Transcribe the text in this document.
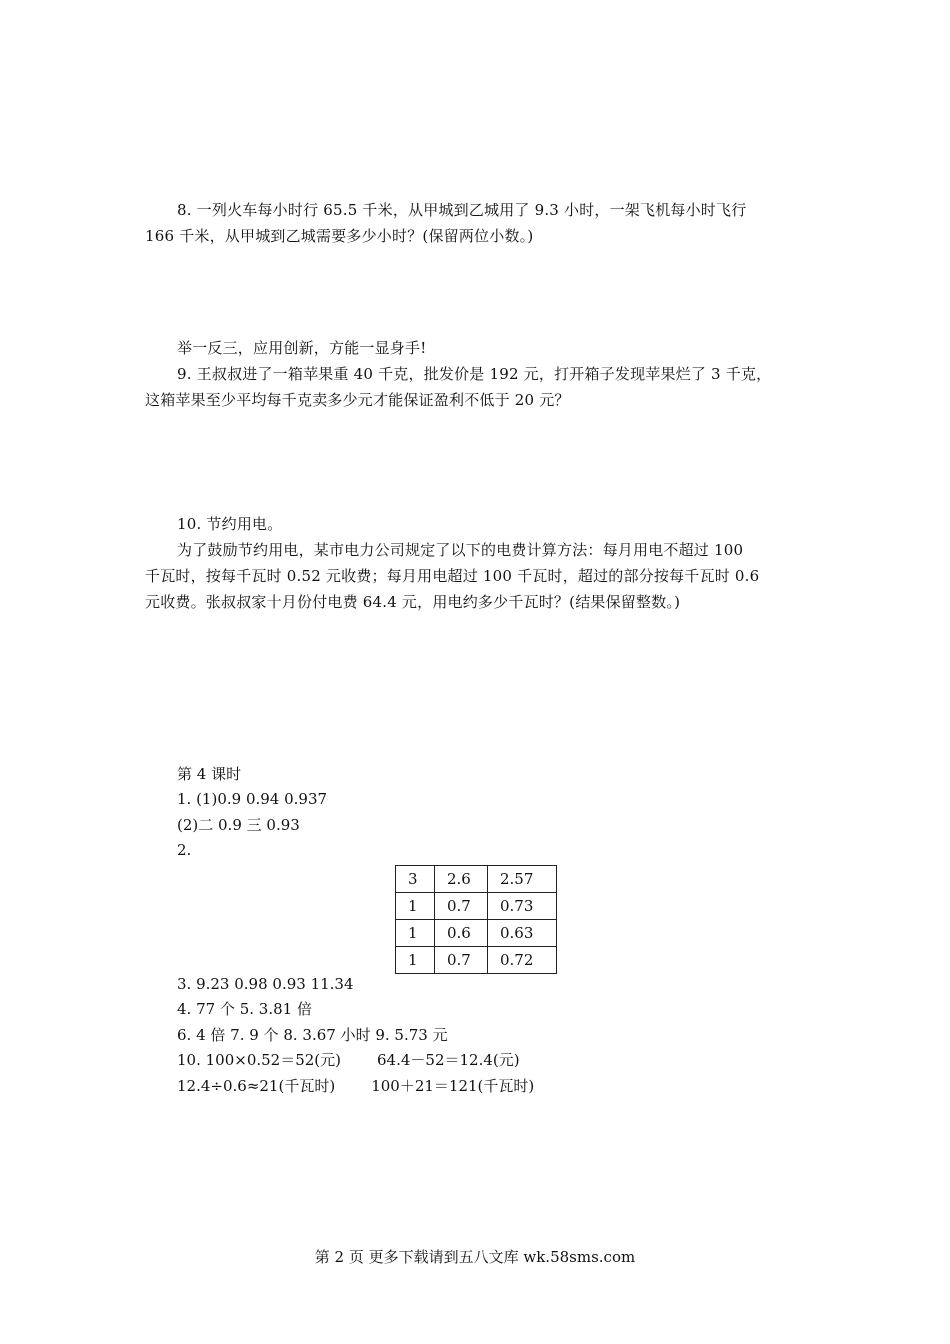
8. 一列火车每小时行 65.5 千米，从甲城到乙城用了 9.3 小时，一架飞机每小时飞行
166 千米，从甲城到乙城需要多少小时？(保留两位小数。)
举一反三，应用创新，方能一显身手!
9. 王叔叔进了一箱苹果重 40 千克，批发价是 192 元，打开箱子发现苹果烂了 3 千克，
这箱苹果至少平均每千克卖多少元才能保证盈利不低于 20 元？
10. 节约用电。
为了鼓励节约用电，某市电力公司规定了以下的电费计算方法：每月用电不超过 100
千瓦时，按每千瓦时 0.52 元收费；每月用电超过 100 千瓦时，超过的部分按每千瓦时 0.6
元收费。张叔叔家十月份付电费 64.4 元，用电约多少千瓦时？(结果保留整数。)
第 4 课时
1. (1)0.9 0.94 0.937
(2)二 0.9 三 0.93
2.
3	2.6	2.57
1	0.7	0.73
1	0.6	0.63
1	0.7	0.72
3. 9.23 0.98 0.93 11.34
4. 77 个 5. 3.81 倍
6. 4 倍 7. 9 个 8. 3.67 小时 9. 5.73 元
10. 100×0.52＝52(元) 64.4－52＝12.4(元)
12.4÷0.6≈21(千瓦时) 100＋21＝121(千瓦时)
第 2 页 更多下载请到五八文库 wk.58sms.com
